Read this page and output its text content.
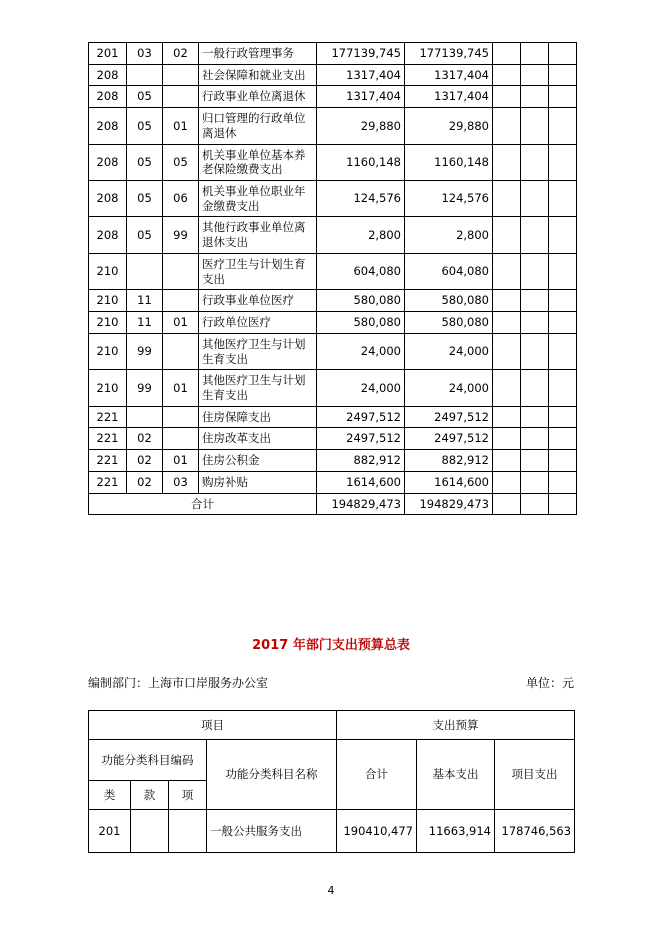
201	03	02	一般行政管理事务	177139,745	177139,745			
208			社会保障和就业支出	1317,404	1317,404			
208	05		行政事业单位离退休	1317,404	1317,404			
208	05	01	归口管理的行政单位离退休	29,880	29,880			
208	05	05	机关事业单位基本养老保险缴费支出	1160,148	1160,148			
208	05	06	机关事业单位职业年金缴费支出	124,576	124,576			
208	05	99	其他行政事业单位离退休支出	2,800	2,800			
210			医疗卫生与计划生育支出	604,080	604,080			
210	11		行政事业单位医疗	580,080	580,080			
210	11	01	行政单位医疗	580,080	580,080			
210	99		其他医疗卫生与计划生育支出	24,000	24,000			
210	99	01	其他医疗卫生与计划生育支出	24,000	24,000			
221			住房保障支出	2497,512	2497,512			
221	02		住房改革支出	2497,512	2497,512			
221	02	01	住房公积金	882,912	882,912			
221	02	03	购房补贴	1614,600	1614,600			
合计				194829,473	194829,473			
2017 年部门支出预算总表
编制部门：上海市口岸服务办公室	单位：元
项目				支出预算		
功能分类科目编码			功能分类科目名称	合计	基本支出	项目支出
类	款	项				
201			一般公共服务支出	190410,477	11663,914	178746,563
4
